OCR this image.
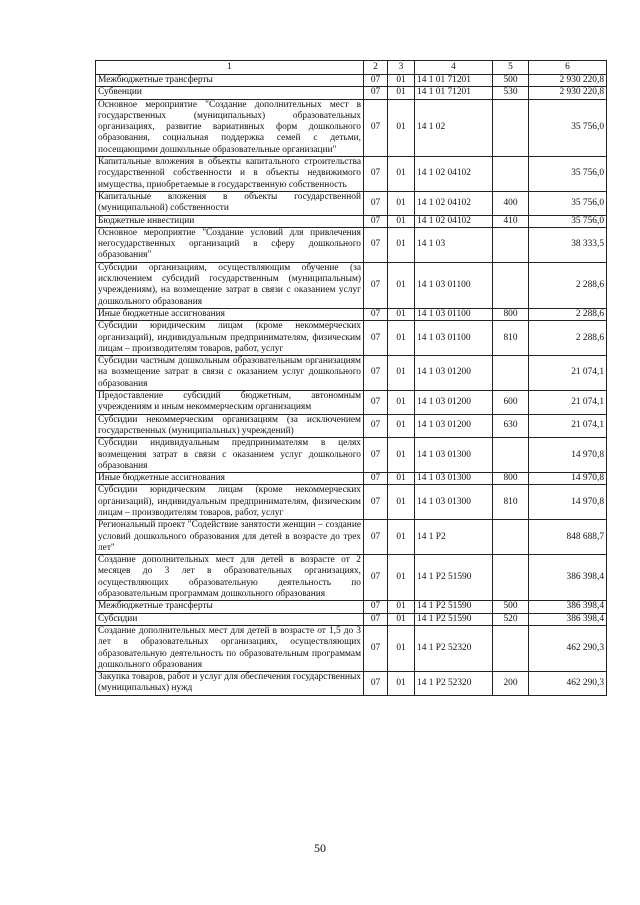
1	2	3	4	5	6
Межбюджетные трансферты	07	01	14 1 01 71201	500	2 930 220,8
Субвенции	07	01	14 1 01 71201	530	2 930 220,8
Основное мероприятие "Создание дополнительных мест в государственных (муниципальных) образовательных организациях, развитие вариативных форм дошкольного образования, социальная поддержка семей с детьми, посещающими дошкольные образовательные организации"	07	01	14 1 02		35 756,0
Капитальные вложения в объекты капитального строительства государственной собственности и в объекты недвижимого имущества, приобретаемые в государственную собственность	07	01	14 1 02 04102		35 756,0
Капитальные вложения в объекты государственной (муниципальной) собственности	07	01	14 1 02 04102	400	35 756,0
Бюджетные инвестиции	07	01	14 1 02 04102	410	35 756,0
Основное мероприятие "Создание условий для привлечения негосударственных организаций в сферу дошкольного образования"	07	01	14 1 03		38 333,5
Субсидии организациям, осуществляющим обучение (за исключением субсидий государственным (муниципальным) учреждениям), на возмещение затрат в связи с оказанием услуг дошкольного образования	07	01	14 1 03 01100		2 288,6
Иные бюджетные ассигнования	07	01	14 1 03 01100	800	2 288,6
Субсидии юридическим лицам (кроме некоммерческих организаций), индивидуальным предпринимателям, физическим лицам – производителям товаров, работ, услуг	07	01	14 1 03 01100	810	2 288,6
Субсидии частным дошкольным образовательным организациям на возмещение затрат в связи с оказанием услуг дошкольного образования	07	01	14 1 03 01200		21 074,1
Предоставление субсидий бюджетным, автономным учреждениям и иным некоммерческим организациям	07	01	14 1 03 01200	600	21 074,1
Субсидии некоммерческим организациям (за исключением государственных (муниципальных) учреждений)	07	01	14 1 03 01200	630	21 074,1
Субсидии индивидуальным предпринимателям в целях возмещения затрат в связи с оказанием услуг дошкольного образования	07	01	14 1 03 01300		14 970,8
Иные бюджетные ассигнования	07	01	14 1 03 01300	800	14 970,8
Субсидии юридическим лицам (кроме некоммерческих организаций), индивидуальным предпринимателям, физическим лицам – производителям товаров, работ, услуг	07	01	14 1 03 01300	810	14 970,8
Региональный проект "Содействие занятости женщин – создание условий дошкольного образования для детей в возрасте до трех лет"	07	01	14 1 P2		848 688,7
Создание дополнительных мест для детей в возрасте от 2 месяцев до 3 лет в образовательных организациях, осуществляющих образовательную деятельность по образовательным программам дошкольного образования	07	01	14 1 P2 51590		386 398,4
Межбюджетные трансферты	07	01	14 1 P2 51590	500	386 398,4
Субсидии	07	01	14 1 P2 51590	520	386 398,4
Создание дополнительных мест для детей в возрасте от 1,5 до 3 лет в образовательных организациях, осуществляющих образовательную деятельность по образовательным программам дошкольного образования	07	01	14 1 P2 52320		462 290,3
Закупка товаров, работ и услуг для обеспечения государственных (муниципальных) нужд	07	01	14 1 P2 52320	200	462 290,3
50
